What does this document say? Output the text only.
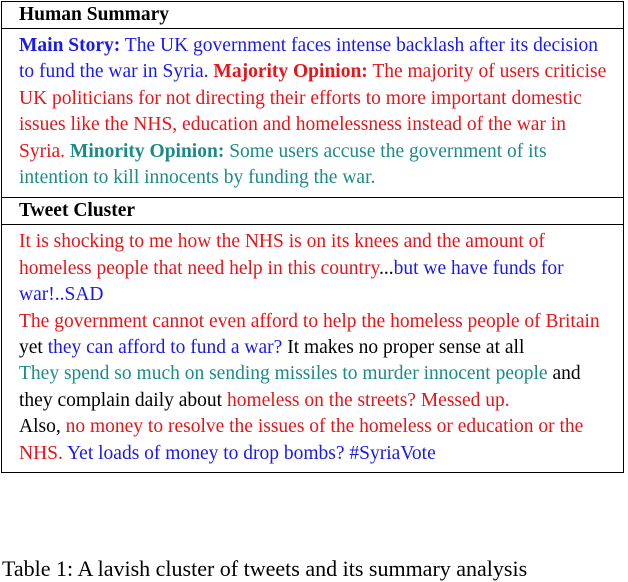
Human Summary
Main Story: The UK government faces intense backlash after its decision to fund the war in Syria. Majority Opinion: The majority of users criticise UK politicians for not directing their efforts to more important domestic issues like the NHS, education and homelessness instead of the war in Syria. Minority Opinion: Some users accuse the government of its intention to kill innocents by funding the war.
Tweet Cluster

It is shocking to me how the NHS is on its knees and the amount of homeless people that need help in this country...but we have funds for war!..SAD

The government cannot even afford to help the homeless people of Britain yet they can afford to fund a war? It makes no proper sense at all

They spend so much on sending missiles to murder innocent people and they complain daily about homeless on the streets? Messed up.

Also, no money to resolve the issues of the homeless or education or the NHS. Yet loads of money to drop bombs? #SyriaVote

Table 1: A lavish cluster of tweets and its summary analysis
